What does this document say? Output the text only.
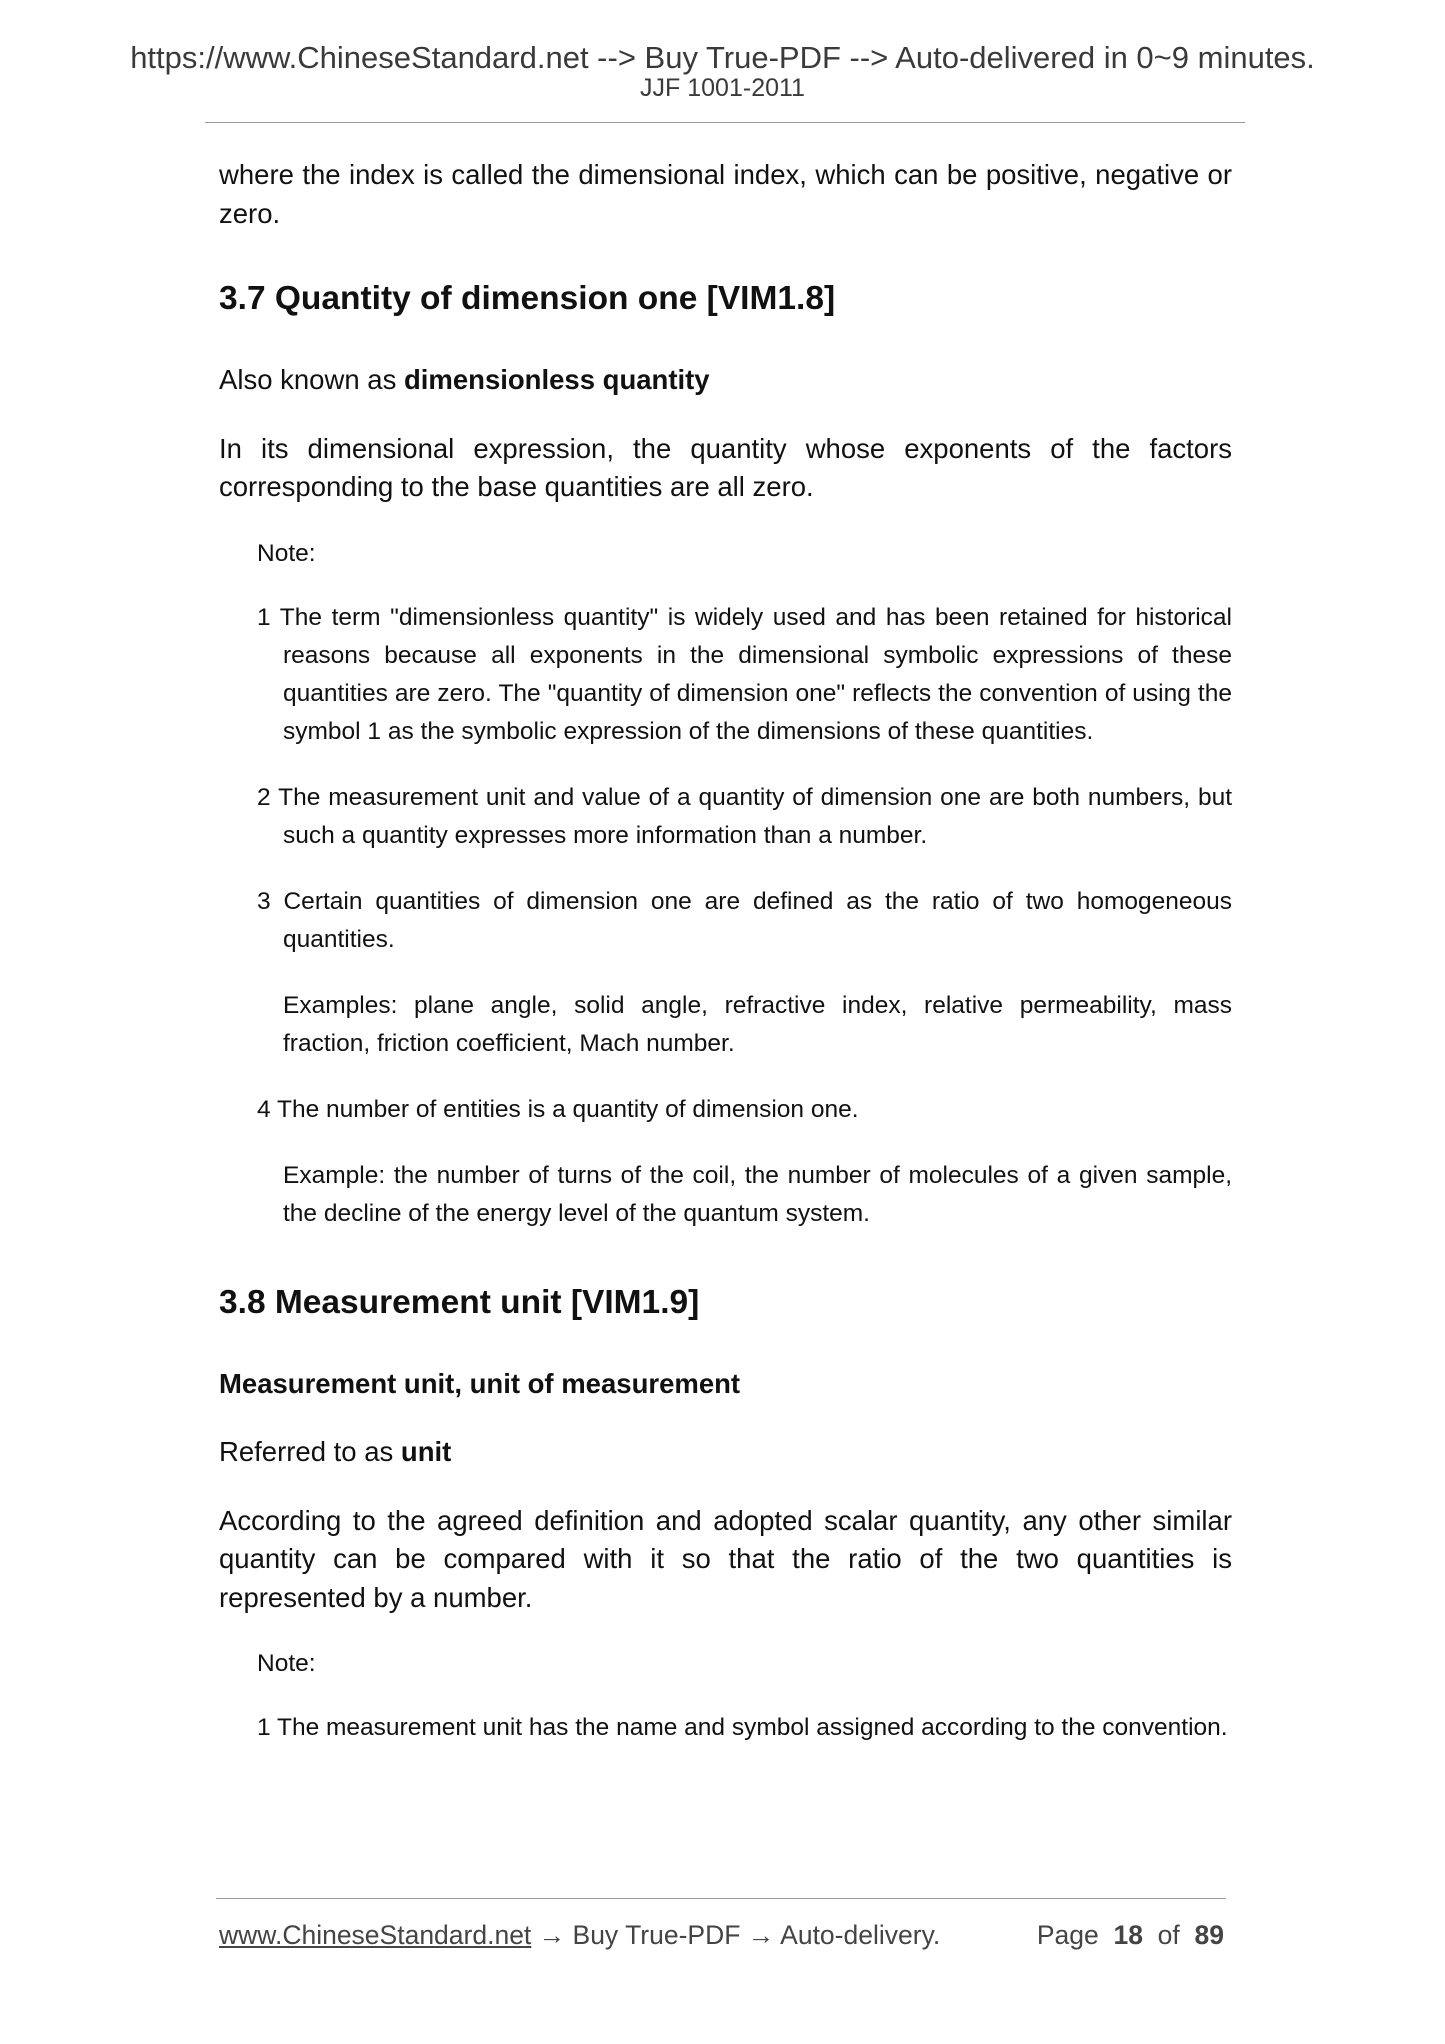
https://www.ChineseStandard.net --> Buy True-PDF --> Auto-delivered in 0~9 minutes.
JJF 1001-2011

where the index is called the dimensional index, which can be positive, negative or zero.

3.7 Quantity of dimension one [VIM1.8]

Also known as dimensionless quantity

In its dimensional expression, the quantity whose exponents of the factors corresponding to the base quantities are all zero.

Note:

1 The term "dimensionless quantity" is widely used and has been retained for historical reasons because all exponents in the dimensional symbolic expressions of these quantities are zero. The "quantity of dimension one" reflects the convention of using the symbol 1 as the symbolic expression of the dimensions of these quantities.

2 The measurement unit and value of a quantity of dimension one are both numbers, but such a quantity expresses more information than a number.

3 Certain quantities of dimension one are defined as the ratio of two homogeneous quantities.

Examples: plane angle, solid angle, refractive index, relative permeability, mass fraction, friction coefficient, Mach number.

4 The number of entities is a quantity of dimension one.

Example: the number of turns of the coil, the number of molecules of a given sample, the decline of the energy level of the quantum system.

3.8 Measurement unit [VIM1.9]

Measurement unit, unit of measurement

Referred to as unit

According to the agreed definition and adopted scalar quantity, any other similar quantity can be compared with it so that the ratio of the two quantities is represented by a number.

Note:

1 The measurement unit has the name and symbol assigned according to the convention.

www.ChineseStandard.net → Buy True-PDF → Auto-delivery.	Page 18 of 89
